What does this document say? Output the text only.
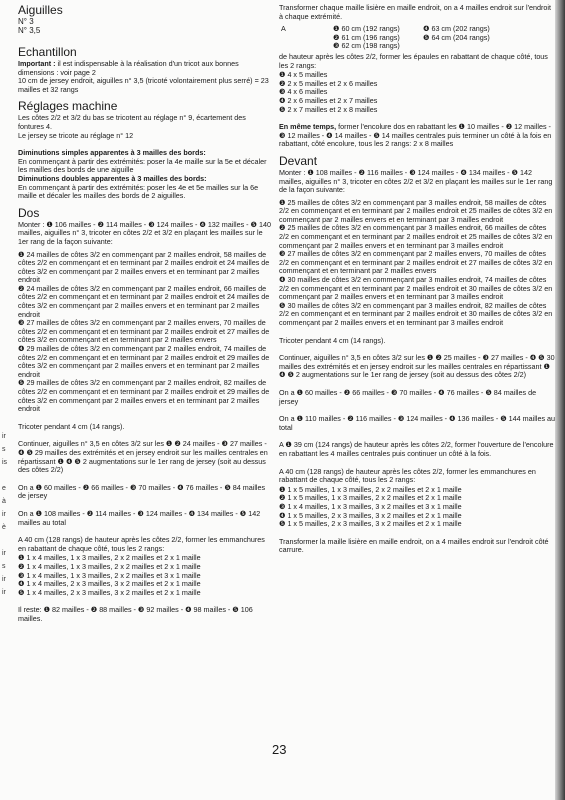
ir
s
is
e
à
ir
è
ir
s
ir
ir
Aiguilles
N° 3
N° 3,5
Echantillon
Important : il est indispensable à la réalisation d'un tricot aux bonnes dimensions : voir page 2
10 cm de jersey endroit, aiguilles n° 3,5 (tricoté volontairement plus serré) = 23 mailles et 32 rangs
Réglages machine
Les côtes 2/2 et 3/2 du bas se tricotent au réglage n° 9, écartement des fontures 4.
Le jersey se tricote au réglage n° 12
Diminutions simples apparentes à 3 mailles des bords:
En commençant à partir des extrémités: poser la 4e maille sur la 5e et décaler les mailles des bords de une aiguille
Diminutions doubles apparentes à 3 mailles des bords:
En commençant à partir des extrémités: poser les 4e et 5e mailles sur la 6e maille et décaler les mailles des bords de 2 aiguilles.
Dos
Monter : ❶ 106 mailles - ❷ 114 mailles - ❸ 124 mailles - ❹ 132 mailles - ❺ 140 mailles, aiguilles n° 3, tricoter en côtes 2/2 et 3/2 en plaçant les mailles sur le 1er rang de la façon suivante:
❶ 24 mailles de côtes 3/2 en commençant par 2 mailles endroit, 58 mailles de côtes 2/2 en commençant et en terminant par 2 mailles endroit et 24 mailles de côtes 3/2 en commençant par 2 mailles envers et en terminant par 2 mailles endroit
❷ 24 mailles de côtes 3/2 en commençant par 2 mailles endroit, 66 mailles de côtes 2/2 en commençant et en terminant par 2 mailles endroit et 24 mailles de côtes 3/2 en commençant par 2 mailles envers et en terminant par 2 mailles endroit
❸ 27 mailles de côtes 3/2 en commençant par 2 mailles envers, 70 mailles de côtes 2/2 en commençant et en terminant par 2 mailles endroit et 27 mailles de côtes 3/2 en commençant et en terminant par 2 mailles envers
❹ 29 mailles de côtes 3/2 en commençant par 2 mailles endroit, 74 mailles de côtes 2/2 en commençant et en terminant par 2 mailles endroit et 29 mailles de côtes 3/2 en commençant par 2 mailles envers et en terminant par 2 mailles endroit
❺ 29 mailles de côtes 3/2 en commençant par 2 mailles endroit, 82 mailles de côtes 2/2 en commençant et en terminant par 2 mailles endroit et 29 mailles de côtes 3/2 en commençant par 2 mailles envers et en terminant par 2 mailles endroit
Tricoter pendant 4 cm (14 rangs).
Continuer, aiguilles n° 3,5 en côtes 3/2 sur les ❶ ❷ 24 mailles - ❸ 27 mailles - ❹ ❺ 29 mailles des extrémités et en jersey endroit sur les mailles centrales en répartissant ❶ ❹ ❺ 2 augmentations sur le 1er rang de jersey (soit au dessus des côtes 2/2)
On a ❶ 60 mailles - ❷ 66 mailles - ❸ 70 mailles - ❹ 76 mailles - ❺ 84 mailles de jersey
On a ❶ 108 mailles - ❷ 114 mailles - ❸ 124 mailles - ❹ 134 mailles - ❺ 142 mailles au total
A 40 cm (128 rangs) de hauteur après les côtes 2/2, former les emmanchures en rabattant de chaque côté, tous les 2 rangs:
❶ 1 x 4 mailles, 1 x 3 mailles, 2 x 2 mailles et 2 x 1 maille
❷ 1 x 4 mailles, 1 x 3 mailles, 2 x 2 mailles et 2 x 1 maille
❸ 1 x 4 mailles, 1 x 3 mailles, 2 x 2 mailles et 3 x 1 maille
❹ 1 x 4 mailles, 2 x 3 mailles, 3 x 2 mailles et 2 x 1 maille
❺ 1 x 4 mailles, 2 x 3 mailles, 3 x 2 mailles et 2 x 1 maille
Il reste: ❶ 82 mailles - ❷ 88 mailles - ❸ 92 mailles - ❹ 98 mailles - ❺ 106 mailles.
Transformer chaque maille lisière en maille endroit, on a 4 mailles endroit sur l'endroit à chaque extrémité.
A	❶ 60 cm (192 rangs)
❷ 61 cm (196 rangs)
❸ 62 cm (198 rangs)
❹ 63 cm (202 rangs)
❺ 64 cm (204 rangs)
de hauteur après les côtes 2/2, former les épaules en rabattant de chaque côté, tous les 2 rangs:
❶ 4 x 5 mailles
❷ 2 x 5 mailles et 2 x 6 mailles
❸ 4 x 6 mailles
❹ 2 x 6 mailles et 2 x 7 mailles
❺ 2 x 7 mailles et 2 x 8 mailles
En même temps, former l'encolure dos en rabattant les ❶ 10 mailles - ❷ 12 mailles - ❸ 12 mailles - ❹ 14 mailles - ❺ 14 mailles centrales puis terminer un côté à la fois en rabattant, côté encolure, tous les 2 rangs: 2 x 8 mailles
Devant
Monter : ❶ 108 mailles - ❷ 116 mailles - ❸ 124 mailles - ❹ 134 mailles - ❺ 142 mailles, aiguilles n° 3, tricoter en côtes 2/2 et 3/2 en plaçant les mailles sur le 1er rang de la façon suivante:
❶ 25 mailles de côtes 3/2 en commençant par 3 mailles endroit, 58 mailles de côtes 2/2 en commençant et en terminant par 2 mailles endroit et 25 mailles de côtes 3/2 en commençant par 2 mailles envers et en terminant par 3 mailles endroit
❷ 25 mailles de côtes 3/2 en commençant par 3 mailles endroit, 66 mailles de côtes 2/2 en commençant et en terminant par 2 mailles endroit et 25 mailles de côtes 3/2 en commençant par 2 mailles envers et en terminant par 3 mailles endroit
❸ 27 mailles de côtes 3/2 en commençant par 2 mailles envers, 70 mailles de côtes 2/2 en commençant et en terminant par 2 mailles endroit et 27 mailles de côtes 3/2 en commençant et en terminant par 2 mailles envers
❹ 30 mailles de côtes 3/2 en commençant par 3 mailles endroit, 74 mailles de côtes 2/2 en commençant et en terminant par 2 mailles endroit et 30 mailles de côtes 3/2 en commençant par 2 mailles envers et en terminant par 3 mailles endroit
❺ 30 mailles de côtes 3/2 en commençant par 3 mailles endroit, 82 mailles de côtes 2/2 en commençant et en terminant par 2 mailles endroit et 30 mailles de côtes 3/2 en commençant par 2 mailles envers et en terminant par 3 mailles endroit
Tricoter pendant 4 cm (14 rangs).
Continuer, aiguilles n° 3,5 en côtes 3/2 sur les ❶ ❷ 25 mailles - ❸ 27 mailles - ❹ ❺ 30 mailles des extrémités et en jersey endroit sur les mailles centrales en répartissant ❶ ❹ ❺ 2 augmentations sur le 1er rang de jersey (soit au dessus des côtes 2/2)
On a ❶ 60 mailles - ❷ 66 mailles - ❸ 70 mailles - ❹ 76 mailles - ❺ 84 mailles de jersey
On a ❶ 110 mailles - ❷ 116 mailles - ❸ 124 mailles - ❹ 136 mailles - ❺ 144 mailles au total
A ❶ 39 cm (124 rangs) de hauteur après les côtes 2/2, former l'ouverture de l'encolure en rabattant les 4 mailles centrales puis continuer un côté à la fois.
A 40 cm (128 rangs) de hauteur après les côtes 2/2, former les emmanchures en rabattant de chaque côté, tous les 2 rangs:
❶ 1 x 5 mailles, 1 x 3 mailles, 2 x 2 mailles et 2 x 1 maille
❷ 1 x 5 mailles, 1 x 3 mailles, 2 x 2 mailles et 2 x 1 maille
❸ 1 x 4 mailles, 1 x 3 mailles, 3 x 2 mailles et 3 x 1 maille
❹ 1 x 5 mailles, 2 x 3 mailles, 3 x 2 mailles et 2 x 1 maille
❺ 1 x 5 mailles, 2 x 3 mailles, 3 x 2 mailles et 2 x 1 maille
Transformer la maille lisière en maille endroit, on a 4 mailles endroit sur l'endroit côté carrure.
23
